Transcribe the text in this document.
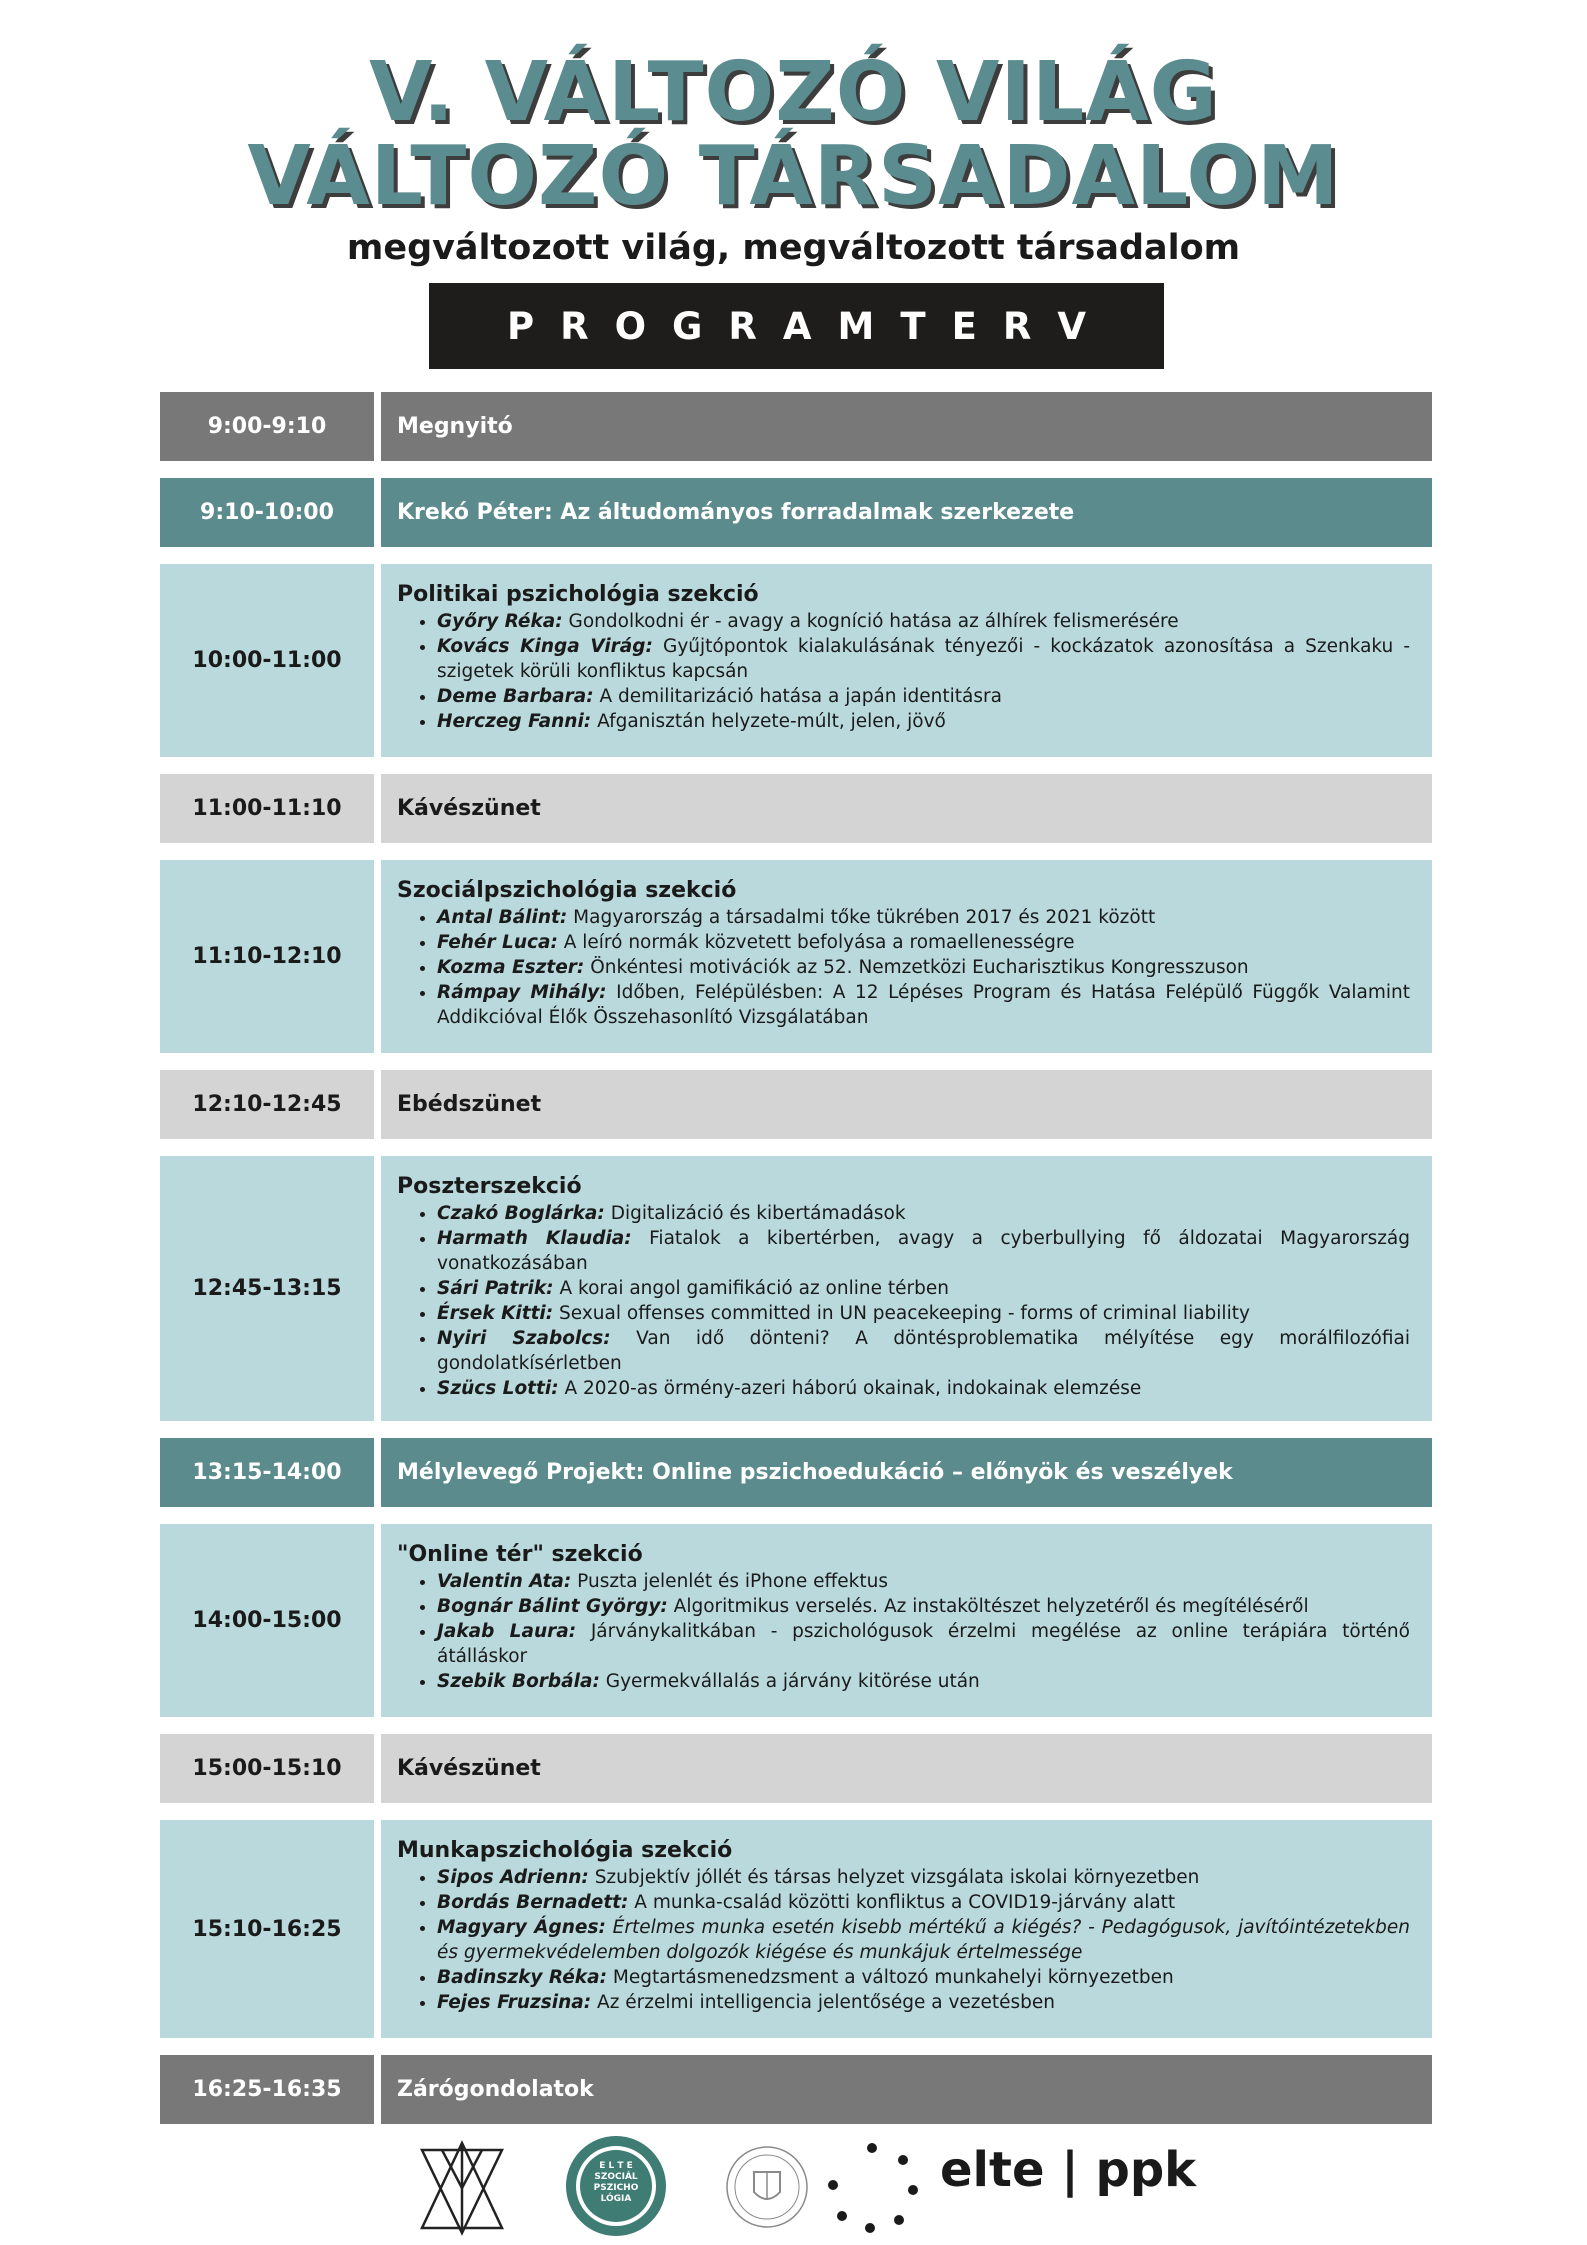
V. VÁLTOZÓ VILÁG
VÁLTOZÓ TÁRSADALOM
megváltozott világ, megváltozott társadalom
PROGRAMTERV
9:00-9:10	Megnyitó
9:10-10:00	Krekó Péter: Az áltudományos forradalmak szerkezete
10:00-11:00
Politikai pszichológia szekció
• Győry Réka: Gondolkodni ér - avagy a kogníció hatása az álhírek felismerésére
• Kovács Kinga Virág: Gyűjtópontok kialakulásának tényezői - kockázatok azonosítása a Szenkaku - szigetek körüli konfliktus kapcsán
• Deme Barbara: A demilitarizáció hatása a japán identitásra
• Herczeg Fanni: Afganisztán helyzete-múlt, jelen, jövő
11:00-11:10	Kávészünet
11:10-12:10
Szociálpszichológia szekció
• Antal Bálint: Magyarország a társadalmi tőke tükrében 2017 és 2021 között
• Fehér Luca: A leíró normák közvetett befolyása a romaellenességre
• Kozma Eszter: Önkéntesi motivációk az 52. Nemzetközi Eucharisztikus Kongresszuson
• Rámpay Mihály: Időben, Felépülésben: A 12 Lépéses Program és Hatása Felépülő Függők Valamint Addikcióval Élők Összehasonlító Vizsgálatában
12:10-12:45	Ebédszünet
12:45-13:15
Poszterszekció
• Czakó Boglárka: Digitalizáció és kibertámadások
• Harmath Klaudia: Fiatalok a kibertérben, avagy a cyberbullying fő áldozatai Magyarország vonatkozásában
• Sári Patrik: A korai angol gamifikáció az online térben
• Érsek Kitti: Sexual offenses committed in UN peacekeeping - forms of criminal liability
• Nyiri Szabolcs: Van idő dönteni? A döntésproblematika mélyítése egy morálfilozófiai gondolatkísérletben
• Szücs Lotti: A 2020-as örmény-azeri háború okainak, indokainak elemzése
13:15-14:00	Mélylevegő Projekt: Online pszichoedukáció – előnyök és veszélyek
14:00-15:00
"Online tér" szekció
• Valentin Ata: Puszta jelenlét és iPhone effektus
• Bognár Bálint György: Algoritmikus verselés. Az instaköltészet helyzetéről és megítéléséről
• Jakab Laura: Járványkalitkában - pszichológusok érzelmi megélése az online terápiára történő átálláskor
• Szebik Borbála: Gyermekvállalás a járvány kitörése után
15:00-15:10	Kávészünet
15:10-16:25
Munkapszichológia szekció
• Sipos Adrienn: Szubjektív jóllét és társas helyzet vizsgálata iskolai környezetben
• Bordás Bernadett: A munka-család közötti konfliktus a COVID19-járvány alatt
• Magyary Ágnes: Értelmes munka esetén kisebb mértékű a kiégés? - Pedagógusok, javítóintézetekben és gyermekvédelemben dolgozók kiégése és munkájuk értelmessége
• Badinszky Réka: Megtartásmenedzsment a változó munkahelyi környezetben
• Fejes Fruzsina: Az érzelmi intelligencia jelentősége a vezetésben
16:25-16:35	Zárógondolatok
E L T E
SZOCIÁL
PSZICHO
LÓGIA
elte | ppk
